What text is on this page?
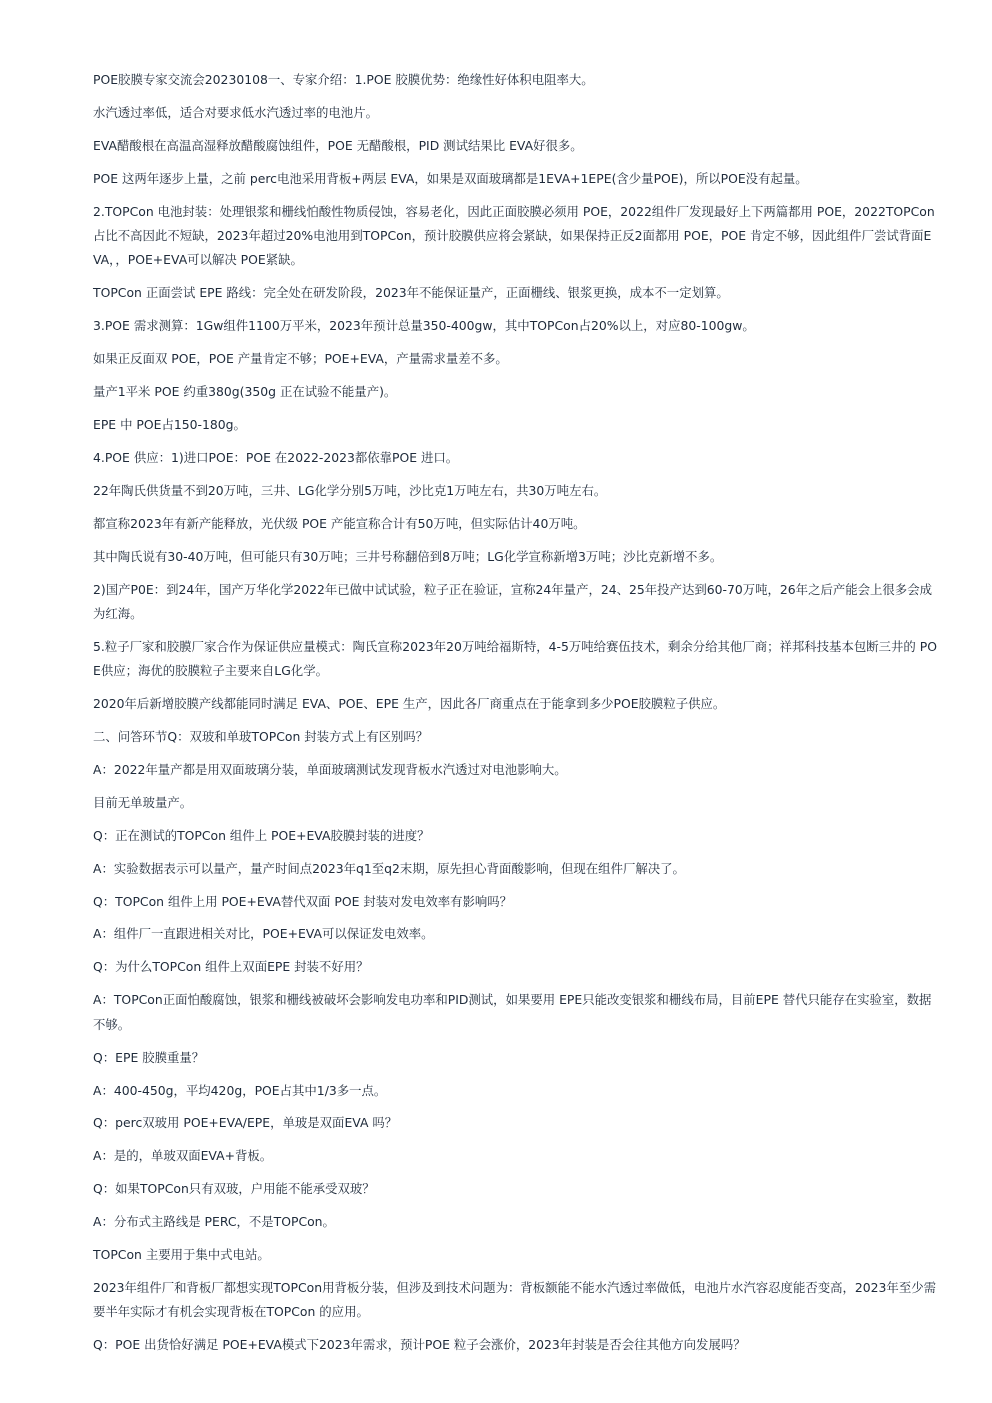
POE胶膜专家交流会20230108一、专家介绍：1.POE 胶膜优势：绝缘性好体积电阻率大。

水汽透过率低，适合对要求低水汽透过率的电池片。

EVA醋酸根在高温高湿释放醋酸腐蚀组件，POE 无醋酸根，PID 测试结果比 EVA好很多。

POE 这两年逐步上量，之前 perc电池采用背板+两层 EVA，如果是双面玻璃都是1EVA+1EPE(含少量POE)，所以POE没有起量。

2.TOPCon 电池封装：处理银浆和栅线怕酸性物质侵蚀，容易老化，因此正面胶膜必须用 POE，2022组件厂发现最好上下两篇都用 POE，2022TOPCon占比不高因此不短缺，2023年超过20%电池用到TOPCon，预计胶膜供应将会紧缺，如果保持正反2面都用 POE，POE 肯定不够，因此组件厂尝试背面EVA，，POE+EVA可以解决 POE紧缺。

TOPCon 正面尝试 EPE 路线：完全处在研发阶段，2023年不能保证量产，正面栅线、银浆更换，成本不一定划算。

3.POE 需求测算：1Gw组件1100万平米，2023年预计总量350-400gw，其中TOPCon占20%以上，对应80-100gw。

如果正反面双 POE，POE 产量肯定不够；POE+EVA，产量需求量差不多。

量产1平米 POE 约重380g(350g 正在试验不能量产)。

EPE 中 POE占150-180g。

4.POE 供应：1)进口POE：POE 在2022-2023都依靠POE 进口。

22年陶氏供货量不到20万吨，三井、LG化学分别5万吨，沙比克1万吨左右，共30万吨左右。

都宣称2023年有新产能释放，光伏级 POE 产能宣称合计有50万吨，但实际估计40万吨。

其中陶氏说有30-40万吨，但可能只有30万吨；三井号称翻倍到8万吨；LG化学宣称新增3万吨；沙比克新增不多。

2)国产P0E：到24年，国产万华化学2022年已做中试试验，粒子正在验证，宣称24年量产，24、25年投产达到60-70万吨，26年之后产能会上很多会成为红海。

5.粒子厂家和胶膜厂家合作为保证供应量模式：陶氏宣称2023年20万吨给福斯特，4-5万吨给赛伍技术，剩余分给其他厂商；祥邦科技基本包断三井的 POE供应；海优的胶膜粒子主要来自LG化学。

2020年后新增胶膜产线都能同时满足 EVA、POE、EPE 生产，因此各厂商重点在于能拿到多少POE胶膜粒子供应。

二、问答环节Q：双玻和单玻TOPCon 封装方式上有区别吗？

A：2022年量产都是用双面玻璃分装，单面玻璃测试发现背板水汽透过对电池影响大。

目前无单玻量产。

Q：正在测试的TOPCon 组件上 POE+EVA胶膜封装的进度？

A：实验数据表示可以量产，量产时间点2023年q1至q2末期，原先担心背面酸影响，但现在组件厂解决了。

Q：TOPCon 组件上用 POE+EVA替代双面 POE 封装对发电效率有影响吗？

A：组件厂一直跟进相关对比，POE+EVA可以保证发电效率。

Q：为什么TOPCon 组件上双面EPE 封装不好用？

A：TOPCon正面怕酸腐蚀，银浆和栅线被破坏会影响发电功率和PID测试，如果要用 EPE只能改变银浆和栅线布局，目前EPE 替代只能存在实验室，数据不够。

Q：EPE 胶膜重量？

A：400-450g，平均420g，POE占其中1/3多一点。

Q：perc双玻用 POE+EVA/EPE，单玻是双面EVA 吗？

A：是的，单玻双面EVA+背板。

Q：如果TOPCon只有双玻，户用能不能承受双玻？

A：分布式主路线是 PERC，不是TOPCon。

TOPCon 主要用于集中式电站。

2023年组件厂和背板厂都想实现TOPCon用背板分装，但涉及到技术问题为：背板额能不能水汽透过率做低，电池片水汽容忍度能否变高，2023年至少需要半年实际才有机会实现背板在TOPCon 的应用。

Q：POE 出货恰好满足 POE+EVA模式下2023年需求，预计POE 粒子会涨价，2023年封装是否会往其他方向发展吗？
